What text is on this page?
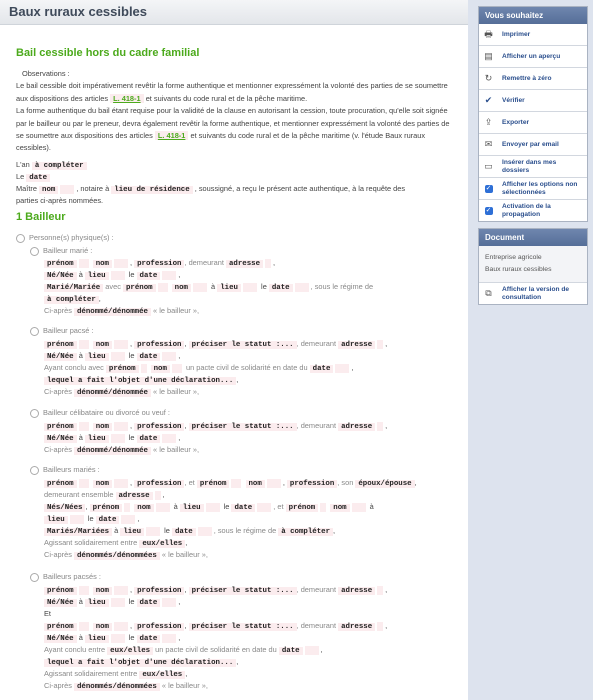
Baux ruraux cessibles
Bail cessible hors du cadre familial

Observations :

Le bail cessible doit impérativement revêtir la forme authentique et mentionner expressément la volonté des parties de se soumettre aux dispositions des articles L. 418-1 et suivants du code rural et de la pêche maritime.

La forme authentique du bail étant requise pour la validité de la clause en autorisant la cession, toute procuration, qu'elle soit signée par le bailleur ou par le preneur, devra également revêtir la forme authentique, et mentionner expressément la volonté des parties de se soumettre aux dispositions des articles L. 418-1 et suivants du code rural et de la pêche maritime (v. l'étude Baux ruraux cessibles).

L'an à compléter
Le date
Maître nom	, notaire à lieu de résidence , soussigné, a reçu le présent acte authentique, à la requête des
parties ci-après nommées.
1 Bailleur
Personne(s) physique(s) :
Bailleur marié :
prénom	nom	, profession , demeurant adresse ,
Né/Née à lieu	le date	,
Marié/Mariée avec prénom	nom	à lieu	le date	, sous le régime de
à compléter ,
Ci-après dénommé/dénommée « le bailleur »,
Bailleur pacsé :
prénom	nom	, profession , préciser le statut :... , demeurant adresse ,
Né/Née à lieu	le date	,
Ayant conclu avec prénom nom	un pacte civil de solidarité en date du date	,
lequel a fait l'objet d'une déclaration... ,
Ci-après dénommé/dénommée « le bailleur »,
Bailleur célibataire ou divorcé ou veuf :
prénom	nom	, profession , préciser le statut :... , demeurant adresse ,
Né/Née à lieu	le date	,
Ci-après dénommé/dénommée « le bailleur »,
Bailleurs mariés :
prénom	nom	, profession , et prénom	nom	, profession , son époux/épouse ,
demeurant ensemble adresse ,
Nés/Nées , prénom nom	à lieu	le date	, et prénom nom	à
lieu	le date	,
Mariés/Mariées à lieu	le date	, sous le régime de à compléter ,
Agissant solidairement entre eux/elles ,
Ci-après dénommés/dénommées « le bailleur »,
Bailleurs pacsés :
prénom	nom	, profession , préciser le statut :... , demeurant adresse ,
Né/Née à lieu	le date	,
Et
prénom	nom	, profession , préciser le statut :... , demeurant adresse ,
Né/Née à lieu	le date	,
Ayant conclu entre eux/elles un pacte civil de solidarité en date du date	,
lequel a fait l'objet d'une déclaration... ,
Agissant solidairement entre eux/elles ,
Ci-après dénommés/dénommées « le bailleur »,
Vous souhaitez
🖶 Imprimer
▤ Afficher un aperçu
↻ Remettre à zéro
✔ Vérifier
⇪ Exporter
✉ Envoyer par email
▭ Insérer dans mes dossiers
✓
Afficher les options non sélectionnées
✓
Activation de la propagation
Document
Entreprise agricole
Baux ruraux cessibles
⧉	Afficher la version de consultation
